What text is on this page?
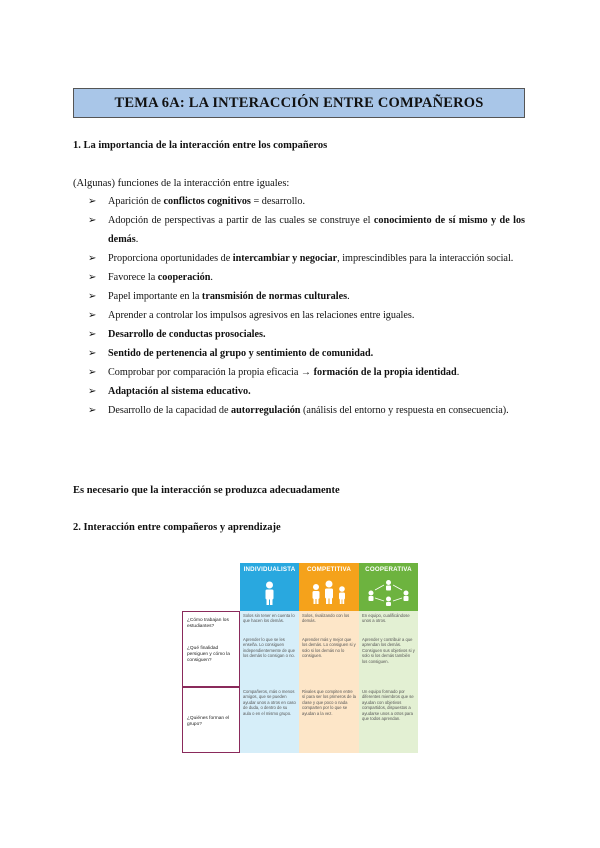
TEMA 6A: LA INTERACCIÓN ENTRE COMPAÑEROS
1. La importancia de la interacción entre los compañeros
(Algunas) funciones de la interacción entre iguales:
➢ Aparición de conflictos cognitivos = desarrollo.
➢ Adopción de perspectivas a partir de las cuales se construye el conocimiento de sí mismo y de los demás.
➢ Proporciona oportunidades de intercambiar y negociar, imprescindibles para la interacción social.
➢ Favorece la cooperación.
➢ Papel importante en la transmisión de normas culturales.
➢ Aprender a controlar los impulsos agresivos en las relaciones entre iguales.
➢ Desarrollo de conductas prosociales.
➢ Sentido de pertenencia al grupo y sentimiento de comunidad.
➢ Comprobar por comparación la propia eficacia → formación de la propia identidad.
➢ Adaptación al sistema educativo.
➢ Desarrollo de la capacidad de autorregulación (análisis del entorno y respuesta en consecuencia).
Es necesario que la interacción se produzca adecuadamente
2. Interacción entre compañeros y aprendizaje
INDIVIDUALISTA	COMPETITIVA	COOPERATIVA
¿Cómo trabajan los estudiantes?
¿Qué finalidad persiguen y cómo la consiguen?
¿Quiénes forman el grupo?
Solos sin tener en cuenta lo que hacen los demás.
Solos, rivalizando con los demás.
En equipo, cualificándose unos a otros.
Aprender lo que se les enseña. Lo consiguen independientemente de que los demás lo consigan o no.
Aprender más y mejor que los demás. Lo consiguen si y solo si los demás no lo consiguen.
Aprender y contribuir a que aprendan los demás. Consiguen sus objetivos si y solo si los demás también los consiguen.
Compañeros, más o menos amigos, que se pueden ayudar unos a otros en caso de duda, o dentro de su aula o en el mismo grupo.
Rivales que compiten entre sí para ser los primeros de la clase y que poco o nada comparten por lo que se ayudan a la vez.
Un equipo formado por diferentes miembros que se ayudan con objetivos compartidos, dispuestos a ayudarse unos a otros para que todos aprendan.
